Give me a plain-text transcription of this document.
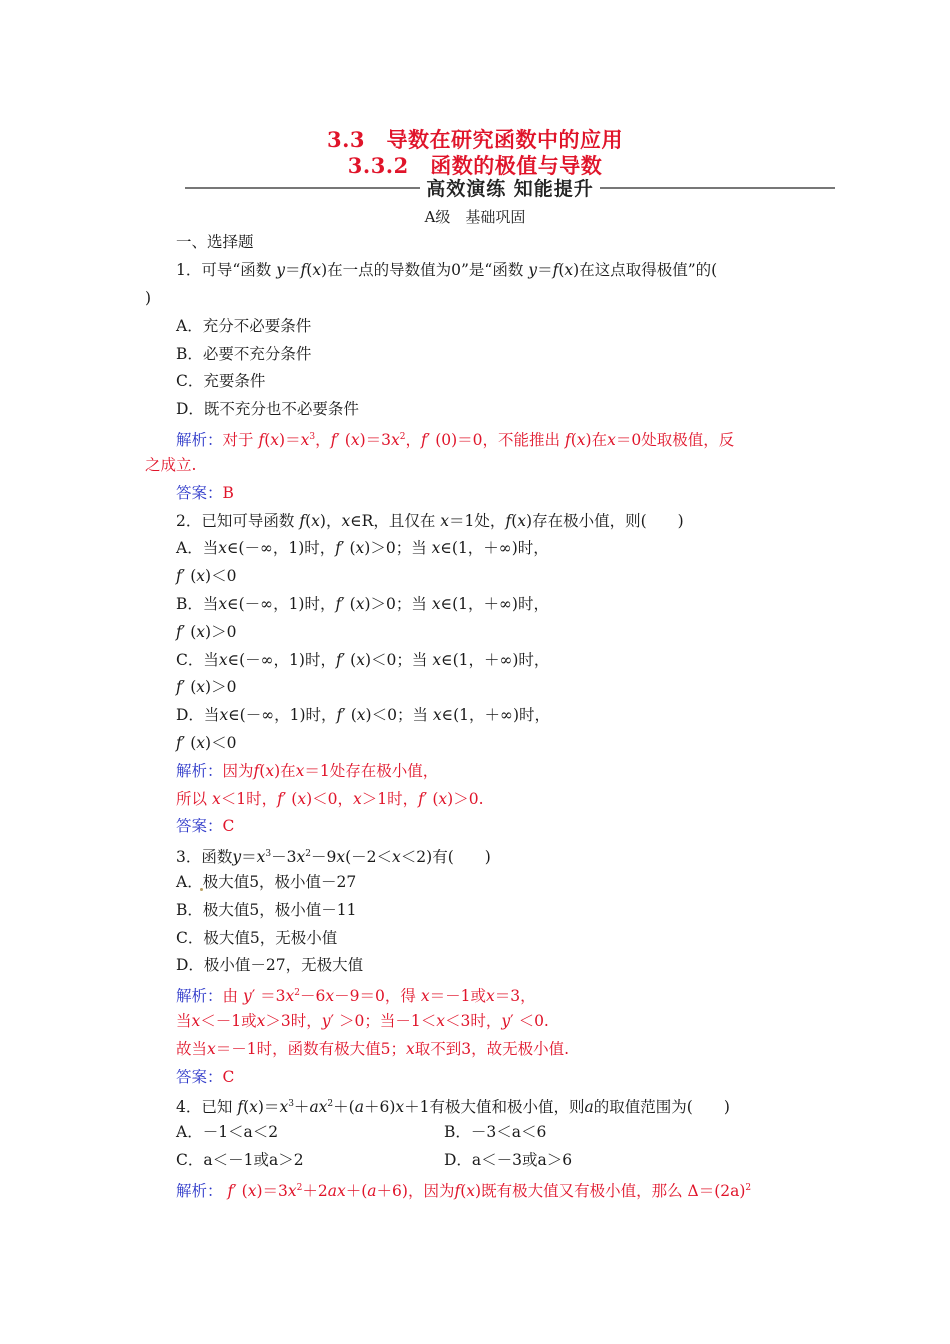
3.3　导数在研究函数中的应用
3.3.2　函数的极值与导数
高效演练 知能提升
A级　基础巩固
一、选择题
1．可导“函数 y＝f(x)在一点的导数值为0”是“函数 y＝f(x)在这点取得极值”的(
)
A．充分不必要条件
B．必要不充分条件
C．充要条件
D．既不充分也不必要条件
解析：对于 $f(x)=x^3$，f′ $(x)=3x^2$，f′ (0)＝0，不能推出 f(x)在x＝0处取极值，反
之成立.
答案：B
2．已知可导函数 f(x)，x∈R，且仅在 x＝1处，f(x)存在极小值，则(　　)
A．当x∈(－∞，1)时，f′ (x)＞0；当 x∈(1，＋∞)时，
f′ (x)＜0
B．当x∈(－∞，1)时，f′ (x)＞0；当 x∈(1，＋∞)时，
f′ (x)＞0
C．当x∈(－∞，1)时，f′ (x)＜0；当 x∈(1，＋∞)时，
f′ (x)＞0
D．当x∈(－∞，1)时，f′ (x)＜0；当 x∈(1，＋∞)时，
f′ (x)＜0
解析：因为f(x)在x＝1处存在极小值，
所以 x＜1时，f′ (x)＜0，x＞1时，f′ (x)＞0.
答案：C
3．函数$y=x^3-3x^2-9x(-2<x<2)$有(　　)
A．极大值5，极小值－27
B．极大值5，极小值－11
C．极大值5，无极小值
D．极小值－27，无极大值
解析：由 $y' =3x^2-6x-9=0$，得 x＝－1或x＝3，
当x＜－1或x＞3时，y′ ＞0；当－1＜x＜3时，y′ ＜0.
故当x＝－1时，函数有极大值5；x取不到3，故无极小值.
答案：C
4．已知 $f(x)=x^3+ax^2+(a+6)x+1$有极大值和极小值，则a的取值范围为(　　)
A．－1＜a＜2	B．－3＜a＜6
C．a＜－1或a＞2	D．a＜－3或a＞6
解析： f′ $(x)=3x^2+2ax+(a+6)$，因为f(x)既有极大值又有极小值，那么 $\Delta=(2a)^2$
